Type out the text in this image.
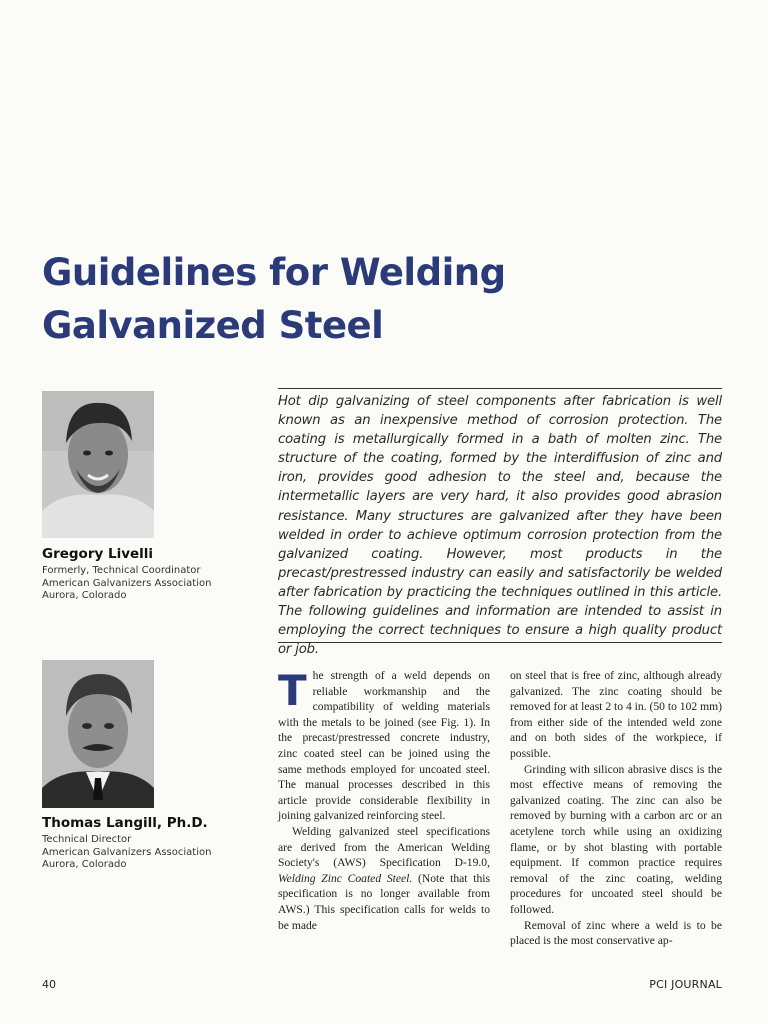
Guidelines for Welding
Galvanized Steel

Gregory Livelli

Formerly, Technical Coordinator
American Galvanizers Association
Aurora, Colorado

Thomas Langill, Ph.D.

Technical Director
American Galvanizers Association
Aurora, Colorado

Hot dip galvanizing of steel components after fabrication is well known as an inexpensive method of corrosion protection. The coating is metallurgically formed in a bath of molten zinc. The structure of the coating, formed by the interdiffusion of zinc and iron, provides good adhesion to the steel and, because the intermetallic layers are very hard, it also provides good abrasion resistance. Many structures are galvanized after they have been welded in order to achieve optimum corrosion protection from the galvanized coating. However, most products in the precast/prestressed industry can easily and satisfactorily be welded after fabrication by practicing the techniques outlined in this article. The following guidelines and information are intended to assist in employing the correct techniques to ensure a high quality product or job.

The strength of a weld depends on reliable workmanship and the compatibility of welding materials with the metals to be joined (see Fig. 1). In the precast/prestressed concrete industry, zinc coated steel can be joined using the same methods employed for uncoated steel. The manual processes described in this article provide considerable flexibility in joining galvanized reinforcing steel.

Welding galvanized steel specifications are derived from the American Welding Society's (AWS) Specification D-19.0, Welding Zinc Coated Steel. (Note that this specification is no longer available from AWS.) This specification calls for welds to be made

on steel that is free of zinc, although already galvanized. The zinc coating should be removed for at least 2 to 4 in. (50 to 102 mm) from either side of the intended weld zone and on both sides of the workpiece, if possible.

Grinding with silicon abrasive discs is the most effective means of removing the galvanized coating. The zinc can also be removed by burning with a carbon arc or an acetylene torch while using an oxidizing flame, or by shot blasting with portable equipment. If common practice requires removal of the zinc coating, welding procedures for uncoated steel should be followed.

Removal of zinc where a weld is to be placed is the most conservative ap-

40	PCI JOURNAL
